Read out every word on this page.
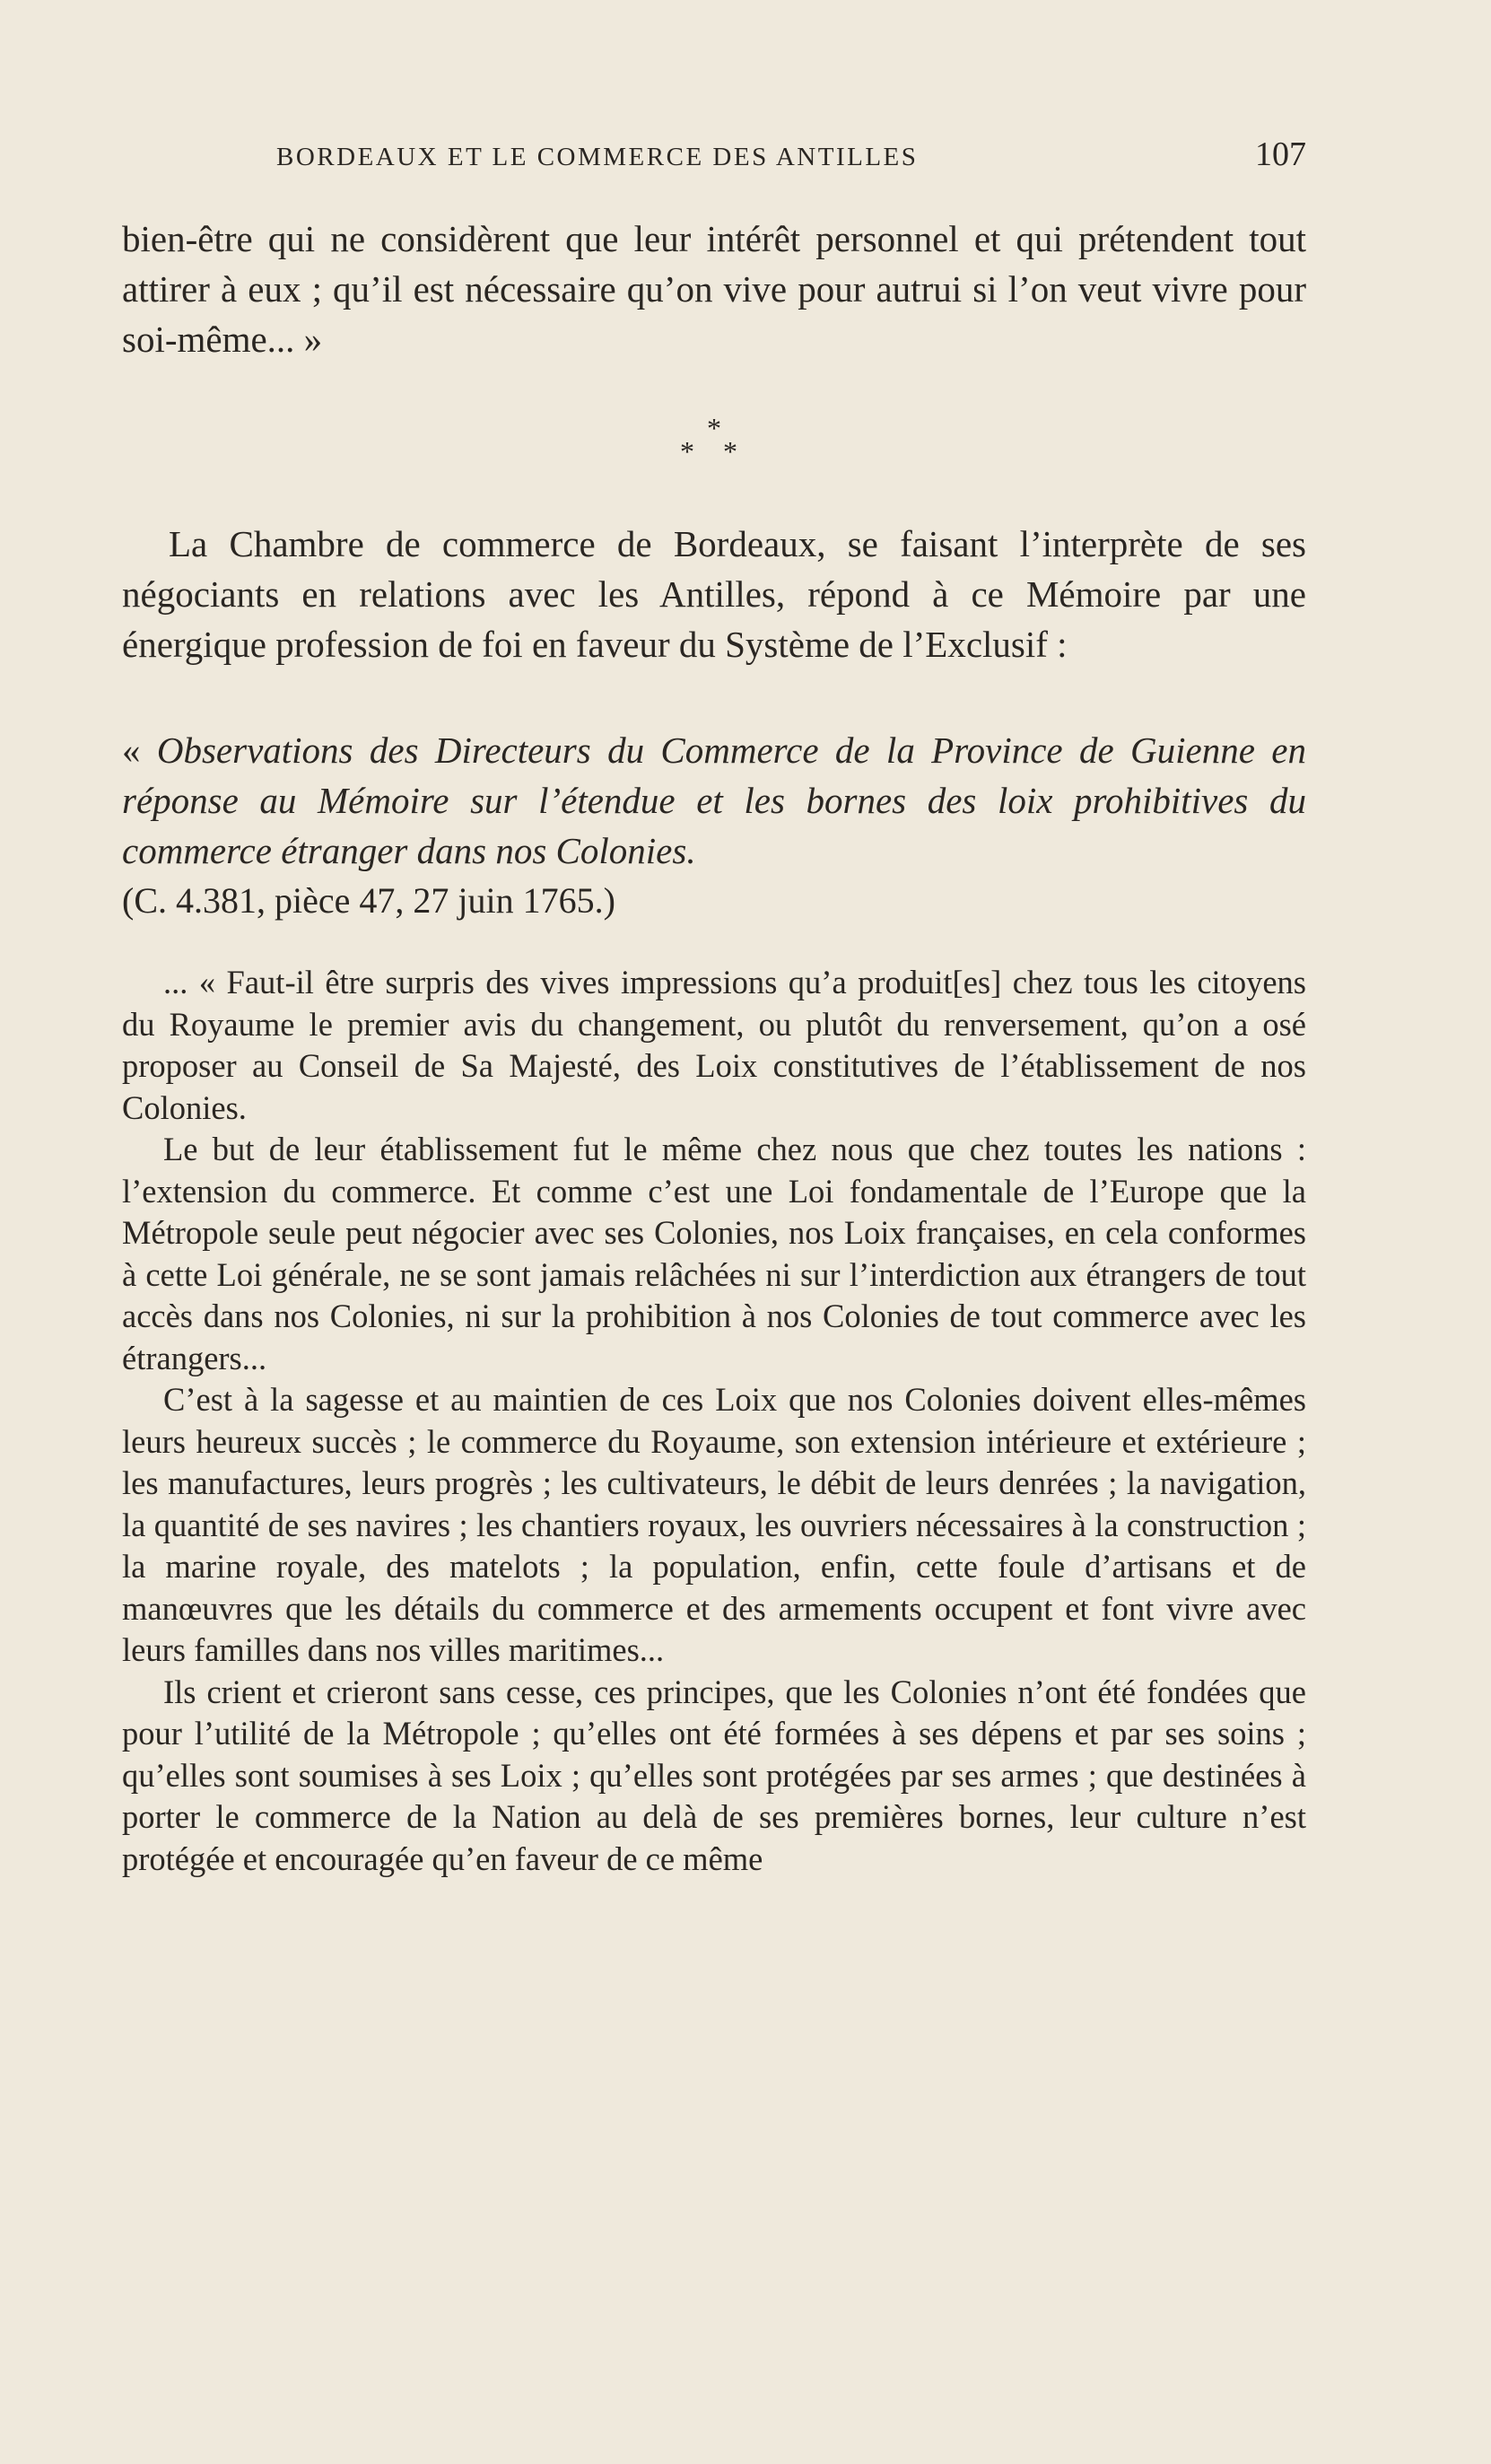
BORDEAUX ET LE COMMERCE DES ANTILLES	107

bien-être qui ne considèrent que leur intérêt personnel et qui prétendent tout attirer à eux ; qu’il est nécessaire qu’on vive pour autrui si l’on veut vivre pour soi-même... »

*
* *

La Chambre de commerce de Bordeaux, se faisant l’interprète de ses négociants en relations avec les Antilles, répond à ce Mémoire par une énergique profession de foi en faveur du Système de l’Exclusif :

« Observations des Directeurs du Commerce de la Province de Guienne en réponse au Mémoire sur l’étendue et les bornes des loix prohibitives du commerce étranger dans nos Colonies.

(C. 4.381, pièce 47, 27 juin 1765.)

... « Faut-il être surpris des vives impressions qu’a produit[es] chez tous les citoyens du Royaume le premier avis du changement, ou plutôt du renversement, qu’on a osé proposer au Conseil de Sa Majesté, des Loix constitutives de l’établissement de nos Colonies.

Le but de leur établissement fut le même chez nous que chez toutes les nations : l’extension du commerce. Et comme c’est une Loi fondamentale de l’Europe que la Métropole seule peut négocier avec ses Colonies, nos Loix françaises, en cela conformes à cette Loi générale, ne se sont jamais relâchées ni sur l’interdiction aux étrangers de tout accès dans nos Colonies, ni sur la prohibition à nos Colonies de tout commerce avec les étrangers...

C’est à la sagesse et au maintien de ces Loix que nos Colonies doivent elles-mêmes leurs heureux succès ; le commerce du Royaume, son extension intérieure et extérieure ; les manufactures, leurs progrès ; les cultivateurs, le débit de leurs denrées ; la navigation, la quantité de ses navires ; les chantiers royaux, les ouvriers nécessaires à la construction ; la marine royale, des matelots ; la population, enfin, cette foule d’artisans et de manœuvres que les détails du commerce et des armements occupent et font vivre avec leurs familles dans nos villes maritimes...

Ils crient et crieront sans cesse, ces principes, que les Colonies n’ont été fondées que pour l’utilité de la Métropole ; qu’elles ont été formées à ses dépens et par ses soins ; qu’elles sont soumises à ses Loix ; qu’elles sont protégées par ses armes ; que destinées à porter le commerce de la Nation au delà de ses premières bornes, leur culture n’est protégée et encouragée qu’en faveur de ce même
